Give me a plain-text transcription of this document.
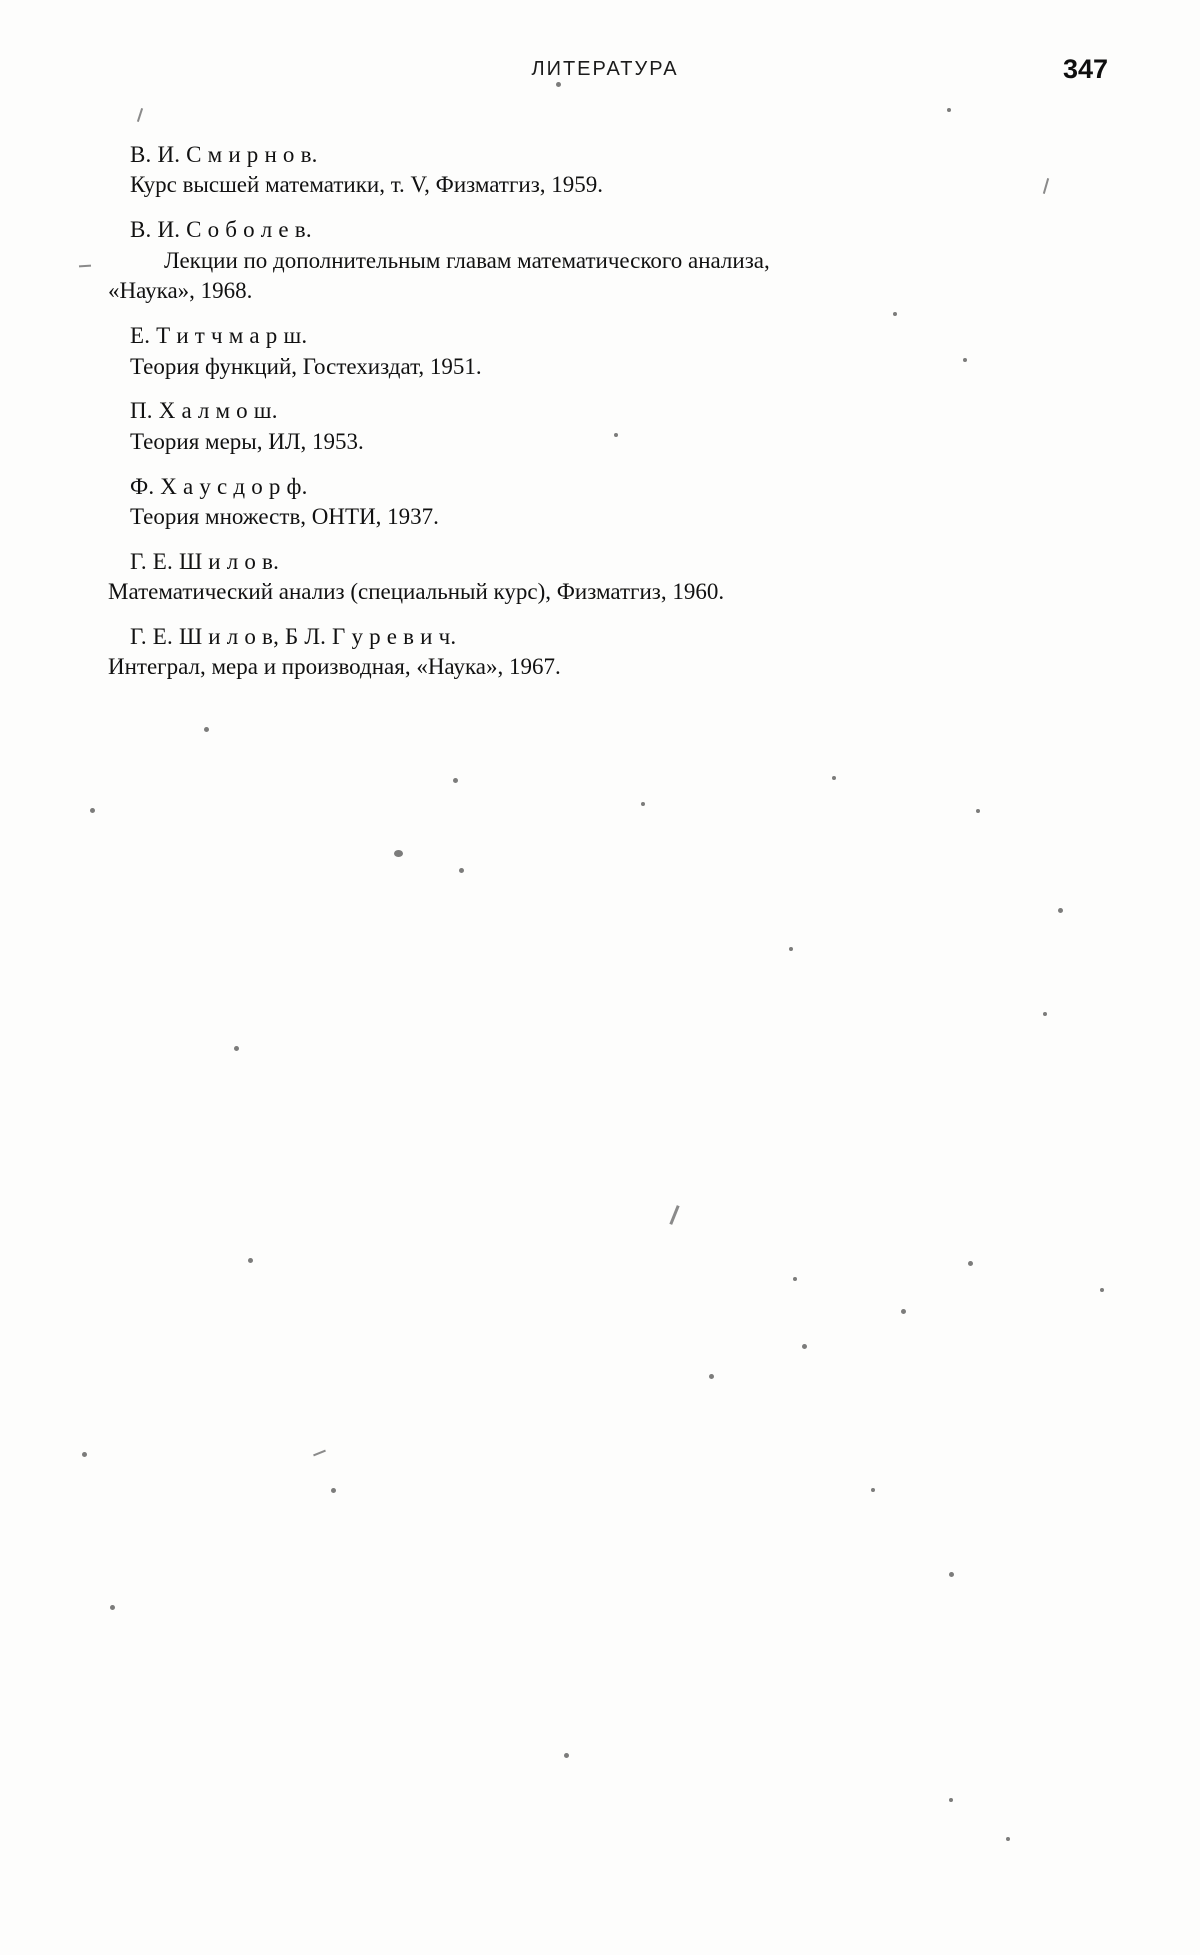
ЛИТЕРАТУРА	347
В. И. С м и р н о в.
Курс высшей математики, т. V, Физматгиз, 1959.
В. И. С о б о л е в.
Лекции по дополнительным главам математического анализа,
«Наука», 1968.
Е. Т и т ч м а р ш.
Теория функций, Гостехиздат, 1951.
П. Х а л м о ш.
Теория меры, ИЛ, 1953.
Ф. Х а у с д о р ф.
Теория множеств, ОНТИ, 1937.
Г. Е. Ш и л о в.
Математический анализ (специальный курс), Физматгиз, 1960.
Г. Е. Ш и л о в, Б Л. Г у р е в и ч.
Интеграл, мера и производная, «Наука», 1967.
